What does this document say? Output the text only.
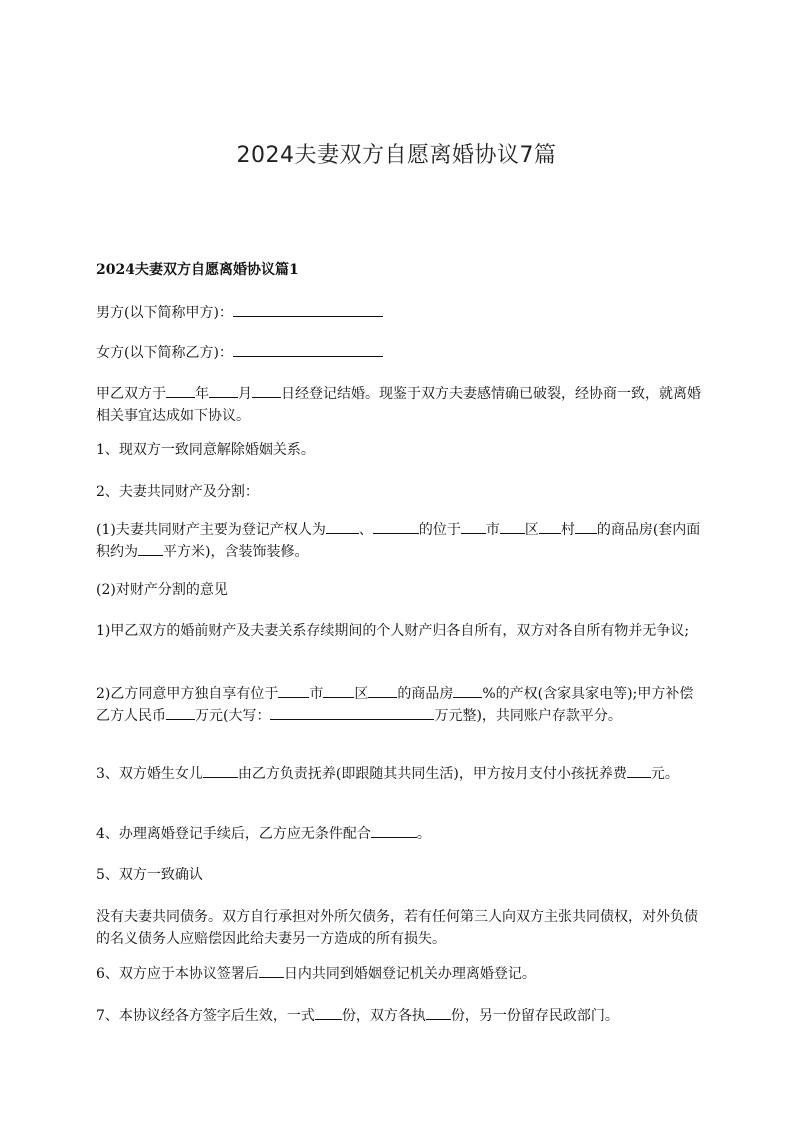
2024夫妻双方自愿离婚协议7篇
2024夫妻双方自愿离婚协议篇1
男方(以下简称甲方)：
女方(以下简称乙方)：
甲乙双方于 年 月 日经登记结婚。现鉴于双方夫妻感情确已破裂，经协商一致，就离婚相关事宜达成如下协议。
1、现双方一致同意解除婚姻关系。
2、夫妻共同财产及分割：
(1)夫妻共同财产主要为登记产权人为 、	的位于 市 区 村 的商品房(套内面积约为 平方米)，含装饰装修。
(2)对财产分割的意见
1)甲乙双方的婚前财产及夫妻关系存续期间的个人财产归各自所有，双方对各自所有物并无争议;
2)乙方同意甲方独自享有位于 市 区 的商品房 %的产权(含家具家电等);甲方补偿乙方人民币 万元(大写：	万元整)，共同账户存款平分。
3、双方婚生女儿	由乙方负责抚养(即跟随其共同生活)，甲方按月支付小孩抚养费 元。
4、办理离婚登记手续后，乙方应无条件配合	。
5、双方一致确认
没有夫妻共同债务。双方自行承担对外所欠债务，若有任何第三人向双方主张共同债权，对外负债的名义债务人应赔偿因此给夫妻另一方造成的所有损失。
6、双方应于本协议签署后 日内共同到婚姻登记机关办理离婚登记。
7、本协议经各方签字后生效，一式 份，双方各执 份，另一份留存民政部门。
